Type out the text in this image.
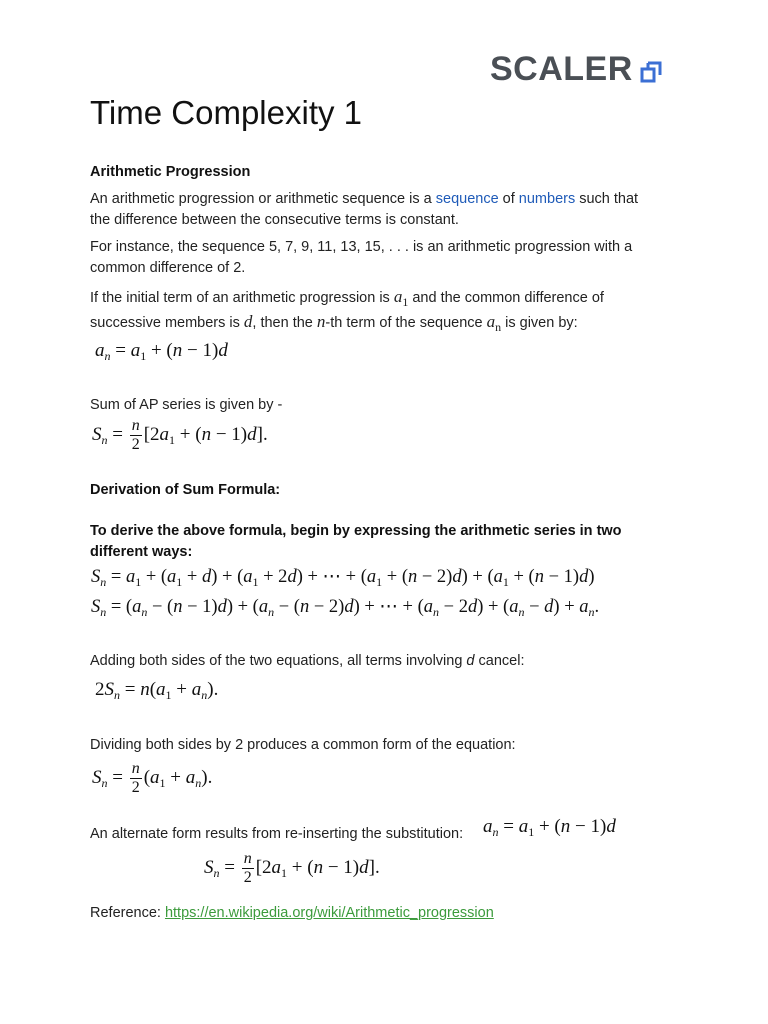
SCALER
Time Complexity 1
Arithmetic Progression
An arithmetic progression or arithmetic sequence is a sequence of numbers such that
the difference between the consecutive terms is constant.
For instance, the sequence 5, 7, 9, 11, 13, 15, . . . is an arithmetic progression with a
common difference of 2.
If the initial term of an arithmetic progression is $a_1$ and the common difference of
successive members is d, then the n-th term of the sequence $a_n$ is given by:
$a_n = a_1 + (n - 1)d$
Sum of AP series is given by -
$S_n = \frac{n}{2} [2a_1 + (n - 1)d]$.
Derivation of Sum Formula:
To derive the above formula, begin by expressing the arithmetic series in two
different ways:
$S_n = a_1 + (a_1 + d) + (a_1 + 2d)$ + ⋯ + $(a_1 + (n - 2)d) + (a_1 + (n - 1)d)$
$S_n = (a_n - (n - 1)d) + (a_n - (n - 2)d)$ + ⋯ + $(a_n - 2d) + (a_n - d) + a_n$.
Adding both sides of the two equations, all terms involving d cancel:
$2S_n = n(a_1 + a_n)$.
Dividing both sides by 2 produces a common form of the equation:
$S_n = \frac{n}{2} (a_1 + a_n)$.
An alternate form results from re-inserting the substitution: $a_n = a_1 + (n - 1)d$
$S_n = \frac{n}{2} [2a_1 + (n - 1)d]$.
Reference: https://en.wikipedia.org/wiki/Arithmetic_progression
